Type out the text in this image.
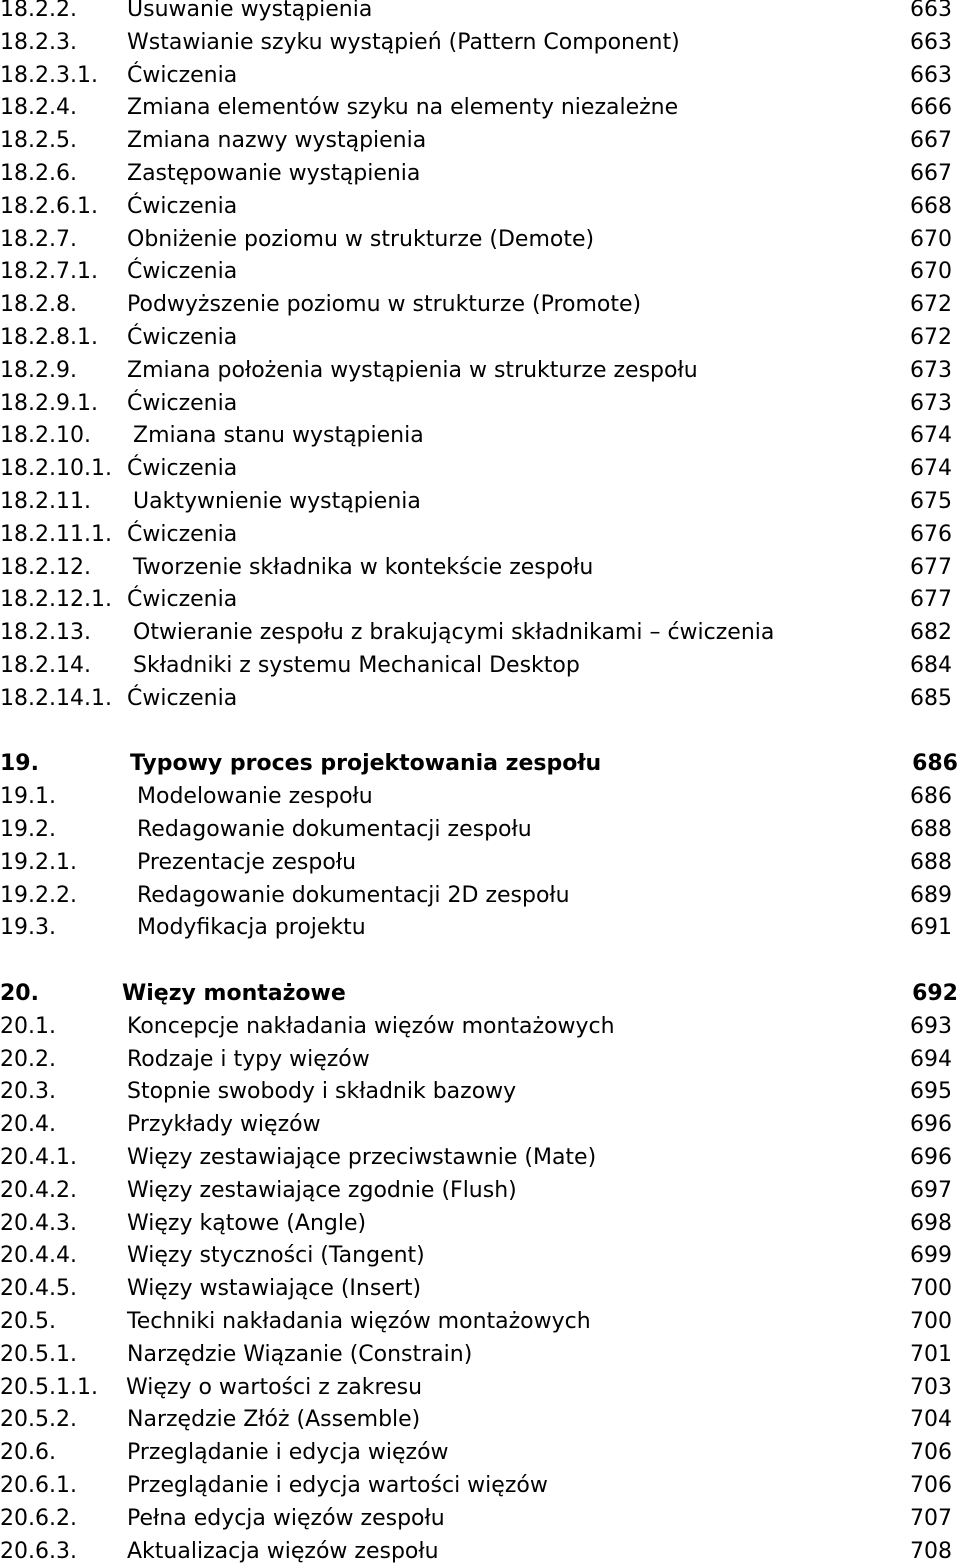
18.2.2. Usuwanie wystąpienia	663
18.2.3. Wstawianie szyku wystąpień (Pattern Component)	663
18.2.3.1. Ćwiczenia	663
18.2.4. Zmiana elementów szyku na elementy niezależne	666
18.2.5. Zmiana nazwy wystąpienia	667
18.2.6. Zastępowanie wystąpienia	667
18.2.6.1. Ćwiczenia	668
18.2.7. Obniżenie poziomu w strukturze (Demote)	670
18.2.7.1. Ćwiczenia	670
18.2.8. Podwyższenie poziomu w strukturze (Promote)	672
18.2.8.1. Ćwiczenia	672
18.2.9. Zmiana położenia wystąpienia w strukturze zespołu	673
18.2.9.1. Ćwiczenia	673
18.2.10. Zmiana stanu wystąpienia	674
18.2.10.1. Ćwiczenia	674
18.2.11. Uaktywnienie wystąpienia	675
18.2.11.1. Ćwiczenia	676
18.2.12. Tworzenie składnika w kontekście zespołu	677
18.2.12.1. Ćwiczenia	677
18.2.13. Otwieranie zespołu z brakującymi składnikami – ćwiczenia	682
18.2.14. Składniki z systemu Mechanical Desktop	684
18.2.14.1. Ćwiczenia	685
19.	Typowy proces projektowania zespołu	686
19.1.	Modelowanie zespołu	686
19.2.	Redagowanie dokumentacji zespołu	688
19.2.1.	Prezentacje zespołu	688
19.2.2.	Redagowanie dokumentacji 2D zespołu	689
19.3.	Modyfikacja projektu	691
20.	Więzy montażowe	692
20.1.	Koncepcje nakładania więzów montażowych	693
20.2.	Rodzaje i typy więzów	694
20.3.	Stopnie swobody i składnik bazowy	695
20.4.	Przykłady więzów	696
20.4.1. Więzy zestawiające przeciwstawnie (Mate)	696
20.4.2. Więzy zestawiające zgodnie (Flush)	697
20.4.3. Więzy kątowe (Angle)	698
20.4.4. Więzy styczności (Tangent)	699
20.4.5. Więzy wstawiające (Insert)	700
20.5.	Techniki nakładania więzów montażowych	700
20.5.1. Narzędzie Wiązanie (Constrain)	701
20.5.1.1. Więzy o wartości z zakresu	703
20.5.2. Narzędzie Złóż (Assemble)	704
20.6.	Przeglądanie i edycja więzów	706
20.6.1. Przeglądanie i edycja wartości więzów	706
20.6.2. Pełna edycja więzów zespołu	707
20.6.3. Aktualizacja więzów zespołu	708
